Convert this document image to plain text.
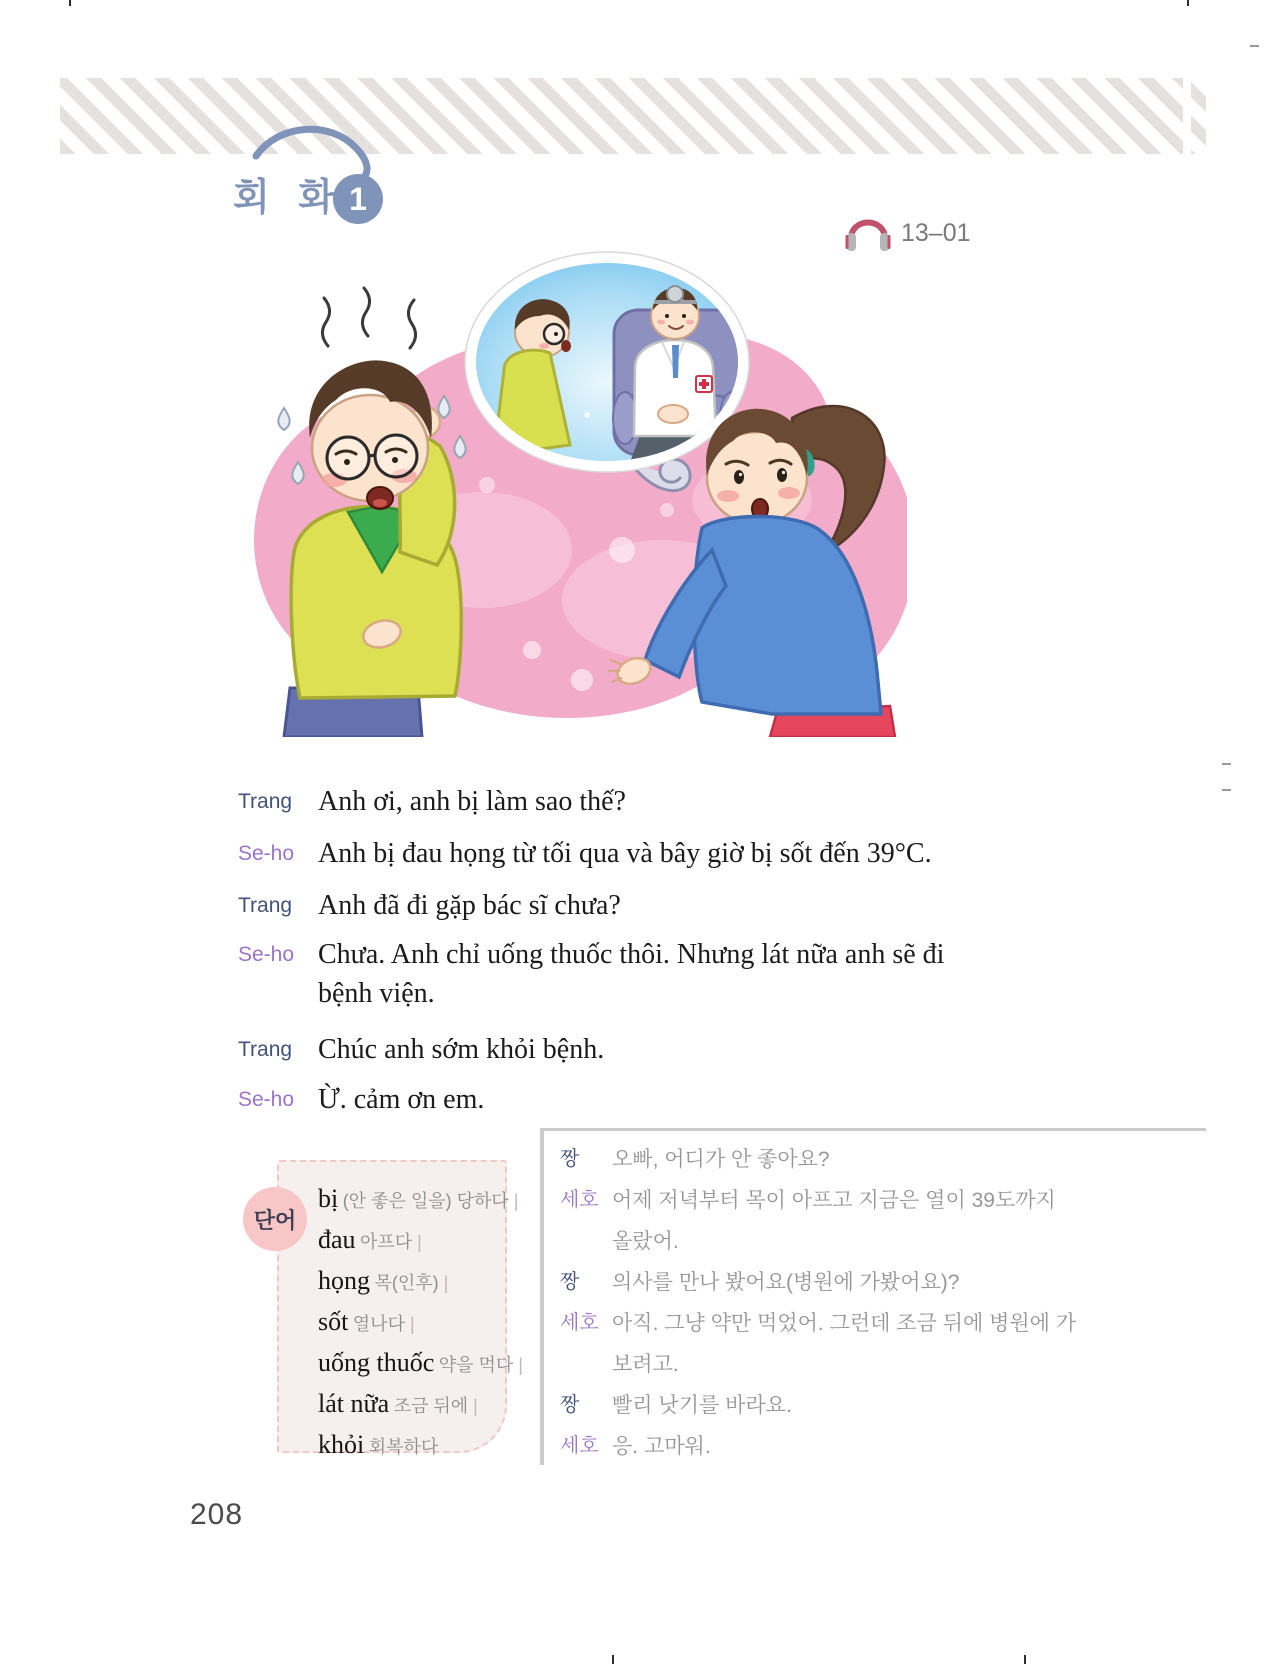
1
회 화
13–01
Trang Anh ơi, anh bị làm sao thế?
Se-ho Anh bị đau họng từ tối qua và bây giờ bị sốt đến 39°C.
Trang Anh đã đi gặp bác sĩ chưa?
Se-ho Chưa. Anh chỉ uống thuốc thôi. Nhưng lát nữa anh sẽ đi
bệnh viện.
Trang Chúc anh sớm khỏi bệnh.
Se-ho Ừ. cảm ơn em.
단어
bị (안 좋은 일을) 당하다 |
đau 아프다 |
họng 목(인후) |
sốt 열나다 |
uống thuốc 약을 먹다 |
lát nữa 조금 뒤에 |
khỏi 회복하다
짱	오빠, 어디가 안 좋아요?
세호 어제 저녁부터 목이 아프고 지금은 열이 39도까지
올랐어.
짱	의사를 만나 봤어요(병원에 가봤어요)?
세호 아직. 그냥 약만 먹었어. 그런데 조금 뒤에 병원에 가
보려고.
짱	빨리 낫기를 바라요.
세호 응. 고마워.
208
